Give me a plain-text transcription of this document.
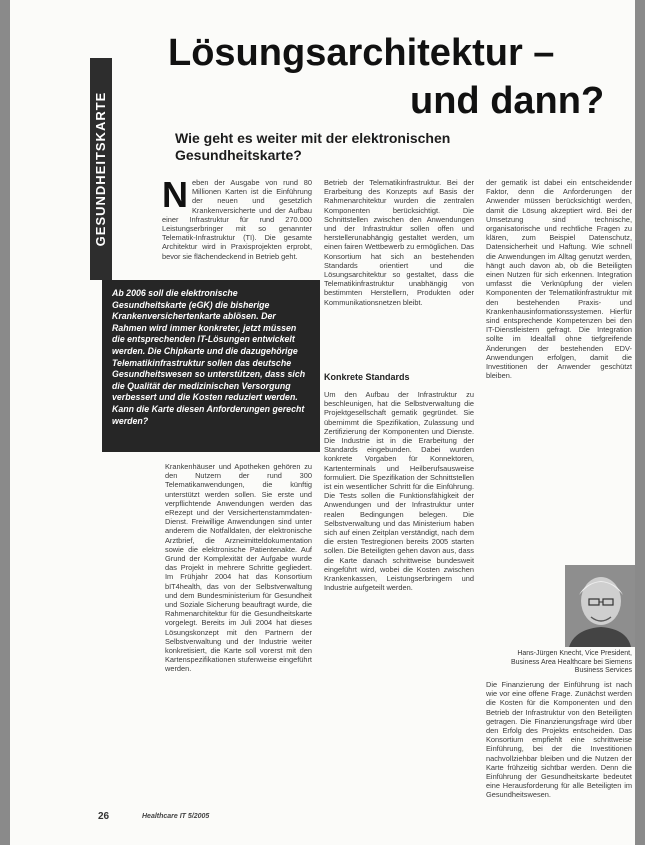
GESUNDHEITSKARTE
Lösungsarchitektur –
und dann?
Wie geht es weiter mit der elektronischen Gesundheitskarte?
N eben der Ausgabe von rund 80 Millionen Karten ist die Einführung der neuen und gesetzlich Krankenversicherte und der Aufbau einer Infrastruktur für rund 270.000 Leistungserbringer mit so genannter Telematik-Infrastruktur (TI). Die gesamte Architektur wird in Praxisprojekten erprobt, bevor sie flächendeckend in Betrieb geht.

Ab 2006 soll die elektronische Gesundheitskarte (eGK) die bisherige Krankenversichertenkarte ablösen. Der Rahmen wird immer konkreter, jetzt müssen die entsprechenden IT-Lösungen entwickelt werden. Die Chipkarte und die dazugehörige Telematikinfrastruktur sollen das deutsche Gesundheitswesen so unterstützen, dass sich die Qualität der medizinischen Versorgung verbessert und die Kosten reduziert werden. Kann die Karte diesen Anforderungen gerecht werden?

Krankenhäuser und Apotheken gehören zu den Nutzern der rund 300 Telematikanwendungen, die künftig unterstützt werden sollen. Sie erste und verpflichtende Anwendungen werden das eRezept und der Versichertenstammdaten-Dienst. Freiwillige Anwendungen sind unter anderem die Notfalldaten, der elektronische Arztbrief, die Arzneimitteldokumentation sowie die elektronische Patientenakte. Auf Grund der Komplexität der Aufgabe wurde das Projekt in mehrere Schritte gegliedert. Im Frühjahr 2004 hat das Konsortium bIT4health, das von der Selbstverwaltung und dem Bundesministerium für Gesundheit und Soziale Sicherung beauftragt wurde, die Rahmenarchitektur für die Gesundheitskarte vorgelegt. Bereits im Juli 2004 hat dieses Lösungskonzept mit den Partnern der Selbstverwaltung und der Industrie weiter konkretisiert, die Karte soll vorerst mit den Kartenspezifikationen stufenweise eingeführt werden.

Betrieb der Telematikinfrastruktur. Bei der Erarbeitung des Konzepts auf Basis der Rahmenarchitektur wurden die zentralen Komponenten berücksichtigt. Die Schnittstellen zwischen den Anwendungen und der Infrastruktur sollen offen und herstellerunabhängig gestaltet werden, um einen fairen Wettbewerb zu ermöglichen. Das Konsortium hat sich an bestehenden Standards orientiert und die Lösungsarchitektur so gestaltet, dass die Telematikinfrastruktur unabhängig von bestimmten Herstellern, Produkten oder Kommunikationsnetzen bleibt.

Konkrete Standards

Um den Aufbau der Infrastruktur zu beschleunigen, hat die Selbstverwaltung die Projektgesellschaft gematik gegründet. Sie übernimmt die Spezifikation, Zulassung und Zertifizierung der Komponenten und Dienste. Die Industrie ist in die Erarbeitung der Standards eingebunden. Dabei wurden konkrete Vorgaben für Konnektoren, Kartenterminals und Heilberufsausweise formuliert. Die Spezifikation der Schnittstellen ist ein wesentlicher Schritt für die Einführung. Die Tests sollen die Funktionsfähigkeit der Anwendungen und der Infrastruktur unter realen Bedingungen belegen. Die Selbstverwaltung und das Ministerium haben sich auf einen Zeitplan verständigt, nach dem die ersten Testregionen bereits 2005 starten sollen. Die Beteiligten gehen davon aus, dass die Karte danach schrittweise bundesweit eingeführt wird, wobei die Kosten zwischen Krankenkassen, Leistungserbringern und Industrie aufgeteilt werden.

der gematik ist dabei ein entscheidender Faktor, denn die Anforderungen der Anwender müssen berücksichtigt werden, damit die Lösung akzeptiert wird. Bei der Umsetzung sind technische, organisatorische und rechtliche Fragen zu klären, zum Beispiel Datenschutz, Datensicherheit und Haftung. Wie schnell die Anwendungen im Alltag genutzt werden, hängt auch davon ab, ob die Beteiligten einen Nutzen für sich erkennen. Integration umfasst die Verknüpfung der vielen Komponenten der Telematikinfrastruktur mit den bestehenden Praxis- und Krankenhausinformationssystemen. Hierfür sind entsprechende Kompetenzen bei den IT-Dienstleistern gefragt. Die Integration sollte im Idealfall ohne tiefgreifende Änderungen der bestehenden EDV-Anwendungen erfolgen, damit die Investitionen der Anwender geschützt bleiben.

Hans-Jürgen Knecht, Vice President, Business Area Healthcare bei Siemens Business Services

Die Finanzierung der Einführung ist nach wie vor eine offene Frage. Zunächst werden die Kosten für die Komponenten und den Betrieb der Infrastruktur von den Beteiligten getragen. Die Finanzierungsfrage wird über den Erfolg des Projekts entscheiden. Das Konsortium empfiehlt eine schrittweise Einführung, bei der die Investitionen nachvollziehbar bleiben und die Nutzen der Karte frühzeitig sichtbar werden. Denn die Einführung der Gesundheitskarte bedeutet eine Herausforderung für alle Beteiligten im Gesundheitswesen.

26	Healthcare IT 5/2005
